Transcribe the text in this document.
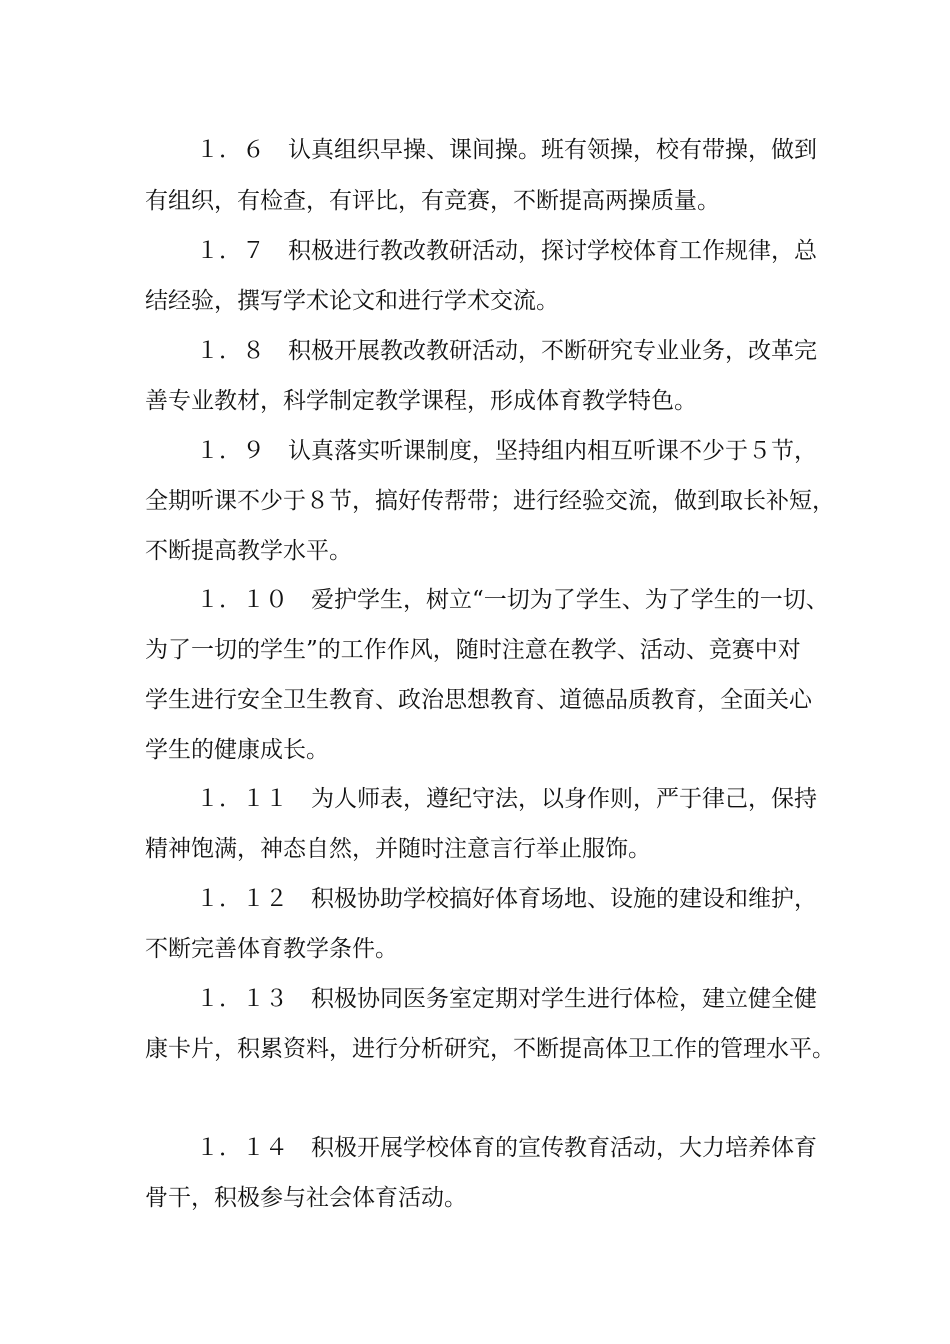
１．６　认真组织早操、课间操。班有领操，校有带操，做到
有组织，有检查，有评比，有竞赛，不断提高两操质量。
１．７　积极进行教改教研活动，探讨学校体育工作规律，总
结经验，撰写学术论文和进行学术交流。
１．８　积极开展教改教研活动，不断研究专业业务，改革完
善专业教材，科学制定教学课程，形成体育教学特色。
１．９　认真落实听课制度，坚持组内相互听课不少于５节，
全期听课不少于８节，搞好传帮带；进行经验交流，做到取长补短，
不断提高教学水平。
１．１０　爱护学生，树立“一切为了学生、为了学生的一切、
为了一切的学生”的工作作风，随时注意在教学、活动、竞赛中对
学生进行安全卫生教育、政治思想教育、道德品质教育，全面关心
学生的健康成长。
１．１１　为人师表，遵纪守法，以身作则，严于律己，保持
精神饱满，神态自然，并随时注意言行举止服饰。
１．１２　积极协助学校搞好体育场地、设施的建设和维护，
不断完善体育教学条件。
１．１３　积极协同医务室定期对学生进行体检，建立健全健
康卡片，积累资料，进行分析研究，不断提高体卫工作的管理水平。
１．１４　积极开展学校体育的宣传教育活动，大力培养体育
骨干，积极参与社会体育活动。
